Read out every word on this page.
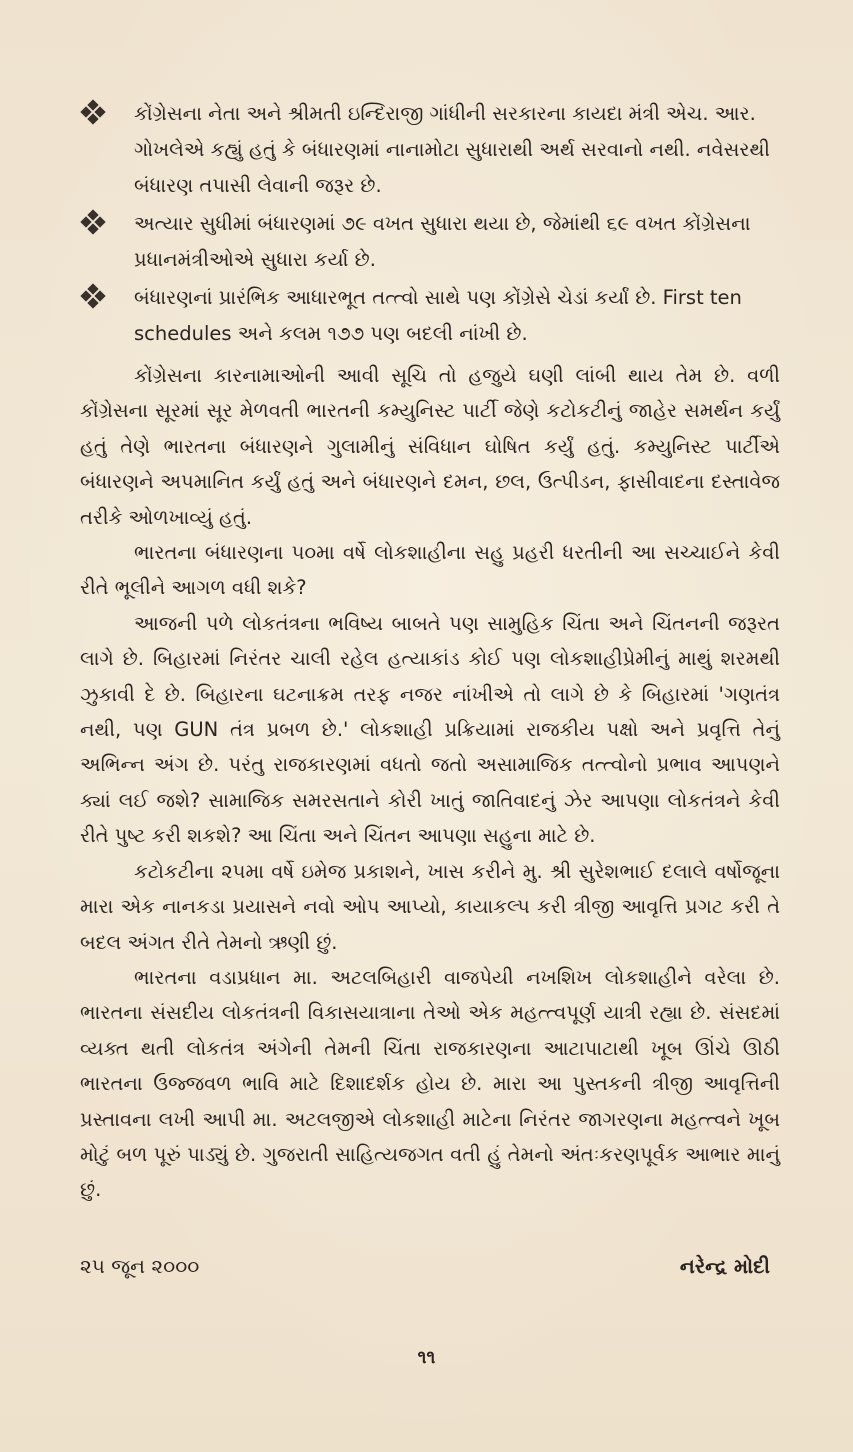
કોંગ્રેસના નેતા અને શ્રીમતી ઇન્દિરાજી ગાંધીની સરકારના કાયદા મંત્રી એચ. આર. ગોખલેએ કહ્યું હતું કે બંધારણમાં નાનામોટા સુધારાથી અર્થ સરવાનો નથી. નવેસરથી બંધારણ તપાસી લેવાની જરૂર છે.
અત્યાર સુધીમાં બંધારણમાં ૭૯ વખત સુધારા થયા છે, જેમાંથી ૬૯ વખત કોંગ્રેસના પ્રધાનમંત્રીઓએ સુધારા કર્યા છે.
બંધારણનાં પ્રારંભિક આધારભૂત તત્ત્વો સાથે પણ કોંગ્રેસે ચેડાં કર્યાં છે. First ten schedules અને કલમ ૧૭૭ પણ બદલી નાંખી છે.

કોંગ્રેસના કારનામાઓની આવી સૂચિ તો હજુયે ઘણી લાંબી થાય તેમ છે. વળી કોંગ્રેસના સૂરમાં સૂર મેળવતી ભારતની કમ્યુનિસ્ટ પાર્ટી જેણે કટોકટીનું જાહેર સમર્થન કર્યું હતું તેણે ભારતના બંધારણને ગુલામીનું સંવિધાન ઘોષિત કર્યું હતું. કમ્યુનિસ્ટ પાર્ટીએ બંધારણને અપમાનિત કર્યું હતું અને બંધારણને દમન, છલ, ઉત્પીડન, ફાસીવાદના દસ્તાવેજ તરીકે ઓળખાવ્યું હતું.

ભારતના બંધારણના ૫૦મા વર્ષે લોકશાહીના સહુ પ્રહરી ધરતીની આ સચ્ચાઈને કેવી રીતે ભૂલીને આગળ વધી શકે?

આજની પળે લોકતંત્રના ભવિષ્ય બાબતે પણ સામુહિક ચિંતા અને ચિંતનની જરૂરત લાગે છે. બિહારમાં નિરંતર ચાલી રહેલ હત્યાકાંડ કોઈ પણ લોકશાહીપ્રેમીનું માથું શરમથી ઝુકાવી દે છે. બિહારના ઘટનાક્રમ તરફ નજર નાંખીએ તો લાગે છે કે બિહારમાં 'ગણતંત્ર નથી, પણ GUN તંત્ર પ્રબળ છે.' લોકશાહી પ્રક્રિયામાં રાજકીય પક્ષો અને પ્રવૃત્તિ તેનું અભિન્ન અંગ છે. પરંતુ રાજકારણમાં વધતો જતો અસામાજિક તત્ત્વોનો પ્રભાવ આપણને ક્યાં લઈ જશે? સામાજિક સમરસતાને કોરી ખાતું જાતિવાદનું ઝેર આપણા લોકતંત્રને કેવી રીતે પુષ્ટ કરી શકશે? આ ચિંતા અને ચિંતન આપણા સહુના માટે છે.

કટોકટીના ૨૫મા વર્ષે ઇમેજ પ્રકાશને, ખાસ કરીને મુ. શ્રી સુરેશભાઈ દલાલે વર્ષોજૂના મારા એક નાનકડા પ્રયાસને નવો ઓપ આપ્યો, કાયાકલ્પ કરી ત્રીજી આવૃત્તિ પ્રગટ કરી તે બદલ અંગત રીતે તેમનો ઋણી છું.

ભારતના વડાપ્રધાન મા. અટલબિહારી વાજપેયી નખશિખ લોકશાહીને વરેલા છે. ભારતના સંસદીય લોકતંત્રની વિકાસયાત્રાના તેઓ એક મહત્ત્વપૂર્ણ યાત્રી રહ્યા છે. સંસદમાં વ્યક્ત થતી લોકતંત્ર અંગેની તેમની ચિંતા રાજકારણના આટાપાટાથી ખૂબ ઊંચે ઊઠી ભારતના ઉજ્જવળ ભાવિ માટે દિશાદર્શક હોય છે. મારા આ પુસ્તકની ત્રીજી આવૃત્તિની પ્રસ્તાવના લખી આપી મા. અટલજીએ લોકશાહી માટેના નિરંતર જાગરણના મહત્ત્વને ખૂબ મોટું બળ પૂરું પાડ્યું છે. ગુજરાતી સાહિત્યજગત વતી હું તેમનો અંતઃકરણપૂર્વક આભાર માનું છું.

૨૫ જૂન ૨૦૦૦	નરેન્દ્ર મોદી
૧૧
